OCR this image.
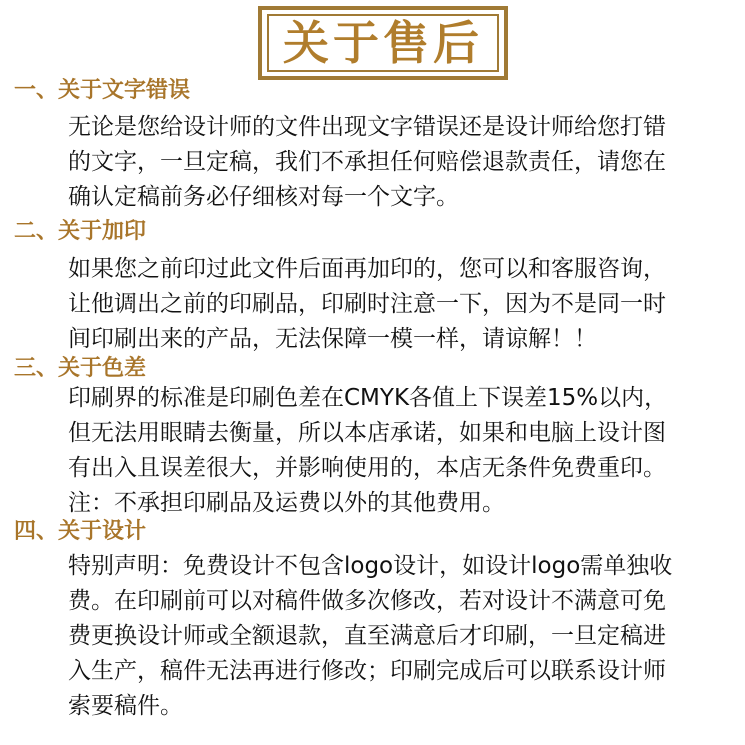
关于售后
一、关于文字错误

无论是您给设计师的文件出现文字错误还是设计师给您打错

的文字，一旦定稿，我们不承担任何赔偿退款责任，请您在

确认定稿前务必仔细核对每一个文字。

二、关于加印

如果您之前印过此文件后面再加印的，您可以和客服咨询，

让他调出之前的印刷品，印刷时注意一下，因为不是同一时

间印刷出来的产品，无法保障一模一样，请谅解！！

三、关于色差

印刷界的标准是印刷色差在CMYK各值上下误差15%以内，

但无法用眼睛去衡量，所以本店承诺，如果和电脑上设计图

有出入且误差很大，并影响使用的，本店无条件免费重印。

注：不承担印刷品及运费以外的其他费用。

四、关于设计

特别声明：免费设计不包含logo设计，如设计logo需单独收

费。在印刷前可以对稿件做多次修改，若对设计不满意可免

费更换设计师或全额退款，直至满意后才印刷，一旦定稿进

入生产，稿件无法再进行修改；印刷完成后可以联系设计师

索要稿件。
